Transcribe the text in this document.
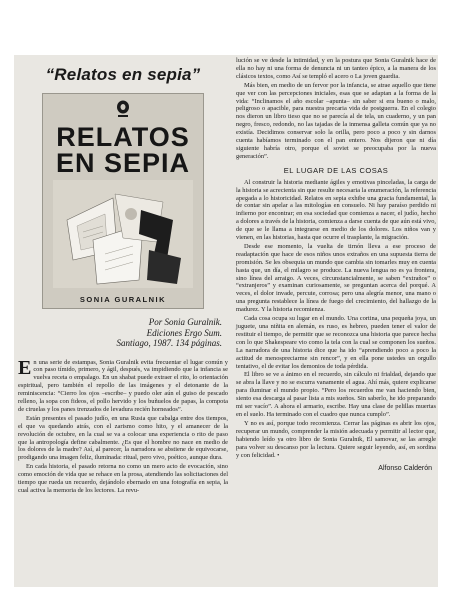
“Relatos en sepia”
RELATOS
EN SEPIA
SONIA GURALNIK
Por Sonia Guralnik.
Ediciones Ergo Sum.
Santiago, 1987. 134 páginas.

En una serie de estampas, Sonia Guralnik evita frecuentar el lugar común y con paso tímido, primero, y ágil, después, va impidiendo que la infancia se vuelva receta o empalago. En un shabat puede extraer el rito, lo orientación espiritual, pero también el repollo de las imágenes y el detonante de la reminiscencia: “Cierro los ojos –escribe– y puedo oler aún el guiso de pescado relleno, la sopa con fideos, el pollo hervido y los buñuelos de papas, la compota de ciruelas y los panes trenzados de levadura recién horneados”.

Están presentes el pasado judío, en una Rusia que cabalga entre dos tiempos, el que va quedando atrás, con el zarismo como hito, y el amanecer de la revolución de octubre, en la cual se va a colocar una experiencia o rito de paso que la antropología define cabalmente. ¿Es que el hombre no nace en medio de los dolores de la madre? Así, al parecer, la narradora se abstiene de equivocarse, prodigando una imagen feliz, iluminada: ritual, pero vivo, poético, aunque dura.

En cada historia, el pasado retorna no como un mero acto de evocación, sino como emoción de vida que se rehace en la prosa, atendiendo las solicitaciones del tiempo que rueda un recuerdo, dejándolo ebernado en una fotografía en sepia, la cual activa la memoria de los lectores. La revu-

lución se ve desde la intimidad, y en la postura que Sonia Guralnik hace de ella no hay ni una forma de denuncia ni un tanteo épico, a la manera de los clásicos textos, como Así se templó el acero o La joven guardia.

Más bien, en medio de un fervor por la infancia, se atrae aquello que tiene que ver con las percepciones iniciales, esas que se adaptan a la forma de la vida: “Inclinamos el año escolar –apunta– sin saber si era bueno o malo, peligroso o apacible, para nuestra precaria vida de postguerra. En el colegio nos dieron un libro tieso que no se parecía al de tela, un cuaderno, y un pan negro, fresco, redondo, no las tajadas de la inmensa galleta común que ya no existía. Decidimos conservar solo la orilla, pero poco a poco y sin darnos cuenta habíamos terminado con el pan entero. Nos dijeron que ni día siguiente habría otro, porque el soviet se preocupaba por la nueva generación”.

EL LUGAR DE LAS COSAS

Al construir la historia mediante ágiles y emotivas pinceladas, la carga de la historia se acrecienta sin que resulte necesaria la enumeración, la referencia apegada a lo historicidad. Relatos en sepia exhibe una gracia fundamental, la de contar sin apelar a las mitologías en consuelo. Ni hay paraíso perdido ni infierno por encontrar; en esa sociedad que comienza a nacer, el judío, hecho a dolores a través de la historia, comienza a darse cuenta de que aún está vivo, de que se le llama a integrarse en medio de los dolores. Los niños van y vienen, en las historias, hasta que ocurre el trasplante, la migración.

Desde ese momento, la vuelta de tirnón lleva a ese proceso de readaptación que hace de esos niños unos extraños en una supuesta tierra de promisión. Se les obsequia un mundo que cambia sin tomarles muy en cuenta hasta que, un día, el milagro se produce. La nueva lengua no es ya frontera, sino línea del arraigo. A veces, circunstancialmente, se saben “extraños” o “extranjeros” y examinan curiosamente, se preguntan acerca del porqué. A veces, el dolor invade, percute, corrosa; pero una alegría menor, una mano o una pregunta restablece la línea de fuego del crecimiento, del hallazgo de la madurez. Y la historia recomienza.

Cada cosa ocupa su lugar en el mundo. Una cortina, una pequeña joya, un juguete, una niñita en alemán, es ruso, es hebreo, pueden tener el valor de restituir el tiempo, de permitir que se reconozca una historia que parece hecha con lo que Shakespeare vio como la tela con la cual se componen los sueños. La narradora de una historia dice que ha ido “aprendiendo poco a poco la actitud de menospreciarme sin rencor”, y en ella pone ustedes un orgullo tentativo, el de evitar los demonios de toda pérdida.

El libro se ve a ánimo en el recuerdo, sin cálculo ni frialdad, dejando que se abra la llave y no se escurra vanamente el agua. Ahí más, quiere explicarse para iluminar el mundo propio. “Pero los recuerdos me van haciendo bien, siento esa descarga al pasar lista a mis sueños. Sin saberlo, he ido preparando mi ser vacío”. A ahora el armario, escribe. Hay una clase de pelillas muertas en el suelo. Ha terminado con el cuadro que nunca cumplo”.

Y no es así, porque todo recomienza. Cerrar las páginas es abrir los ojos, recuperar un mundo, comprender la misión adecuada y permitir al lector que, habiendo leído ya otro libro de Sonia Guralnik, El samovar, se las arregle para volver su descanso por la lectura. Quiere seguir leyendo, así, en sordina y con felicidad. •

Alfonso Calderón
